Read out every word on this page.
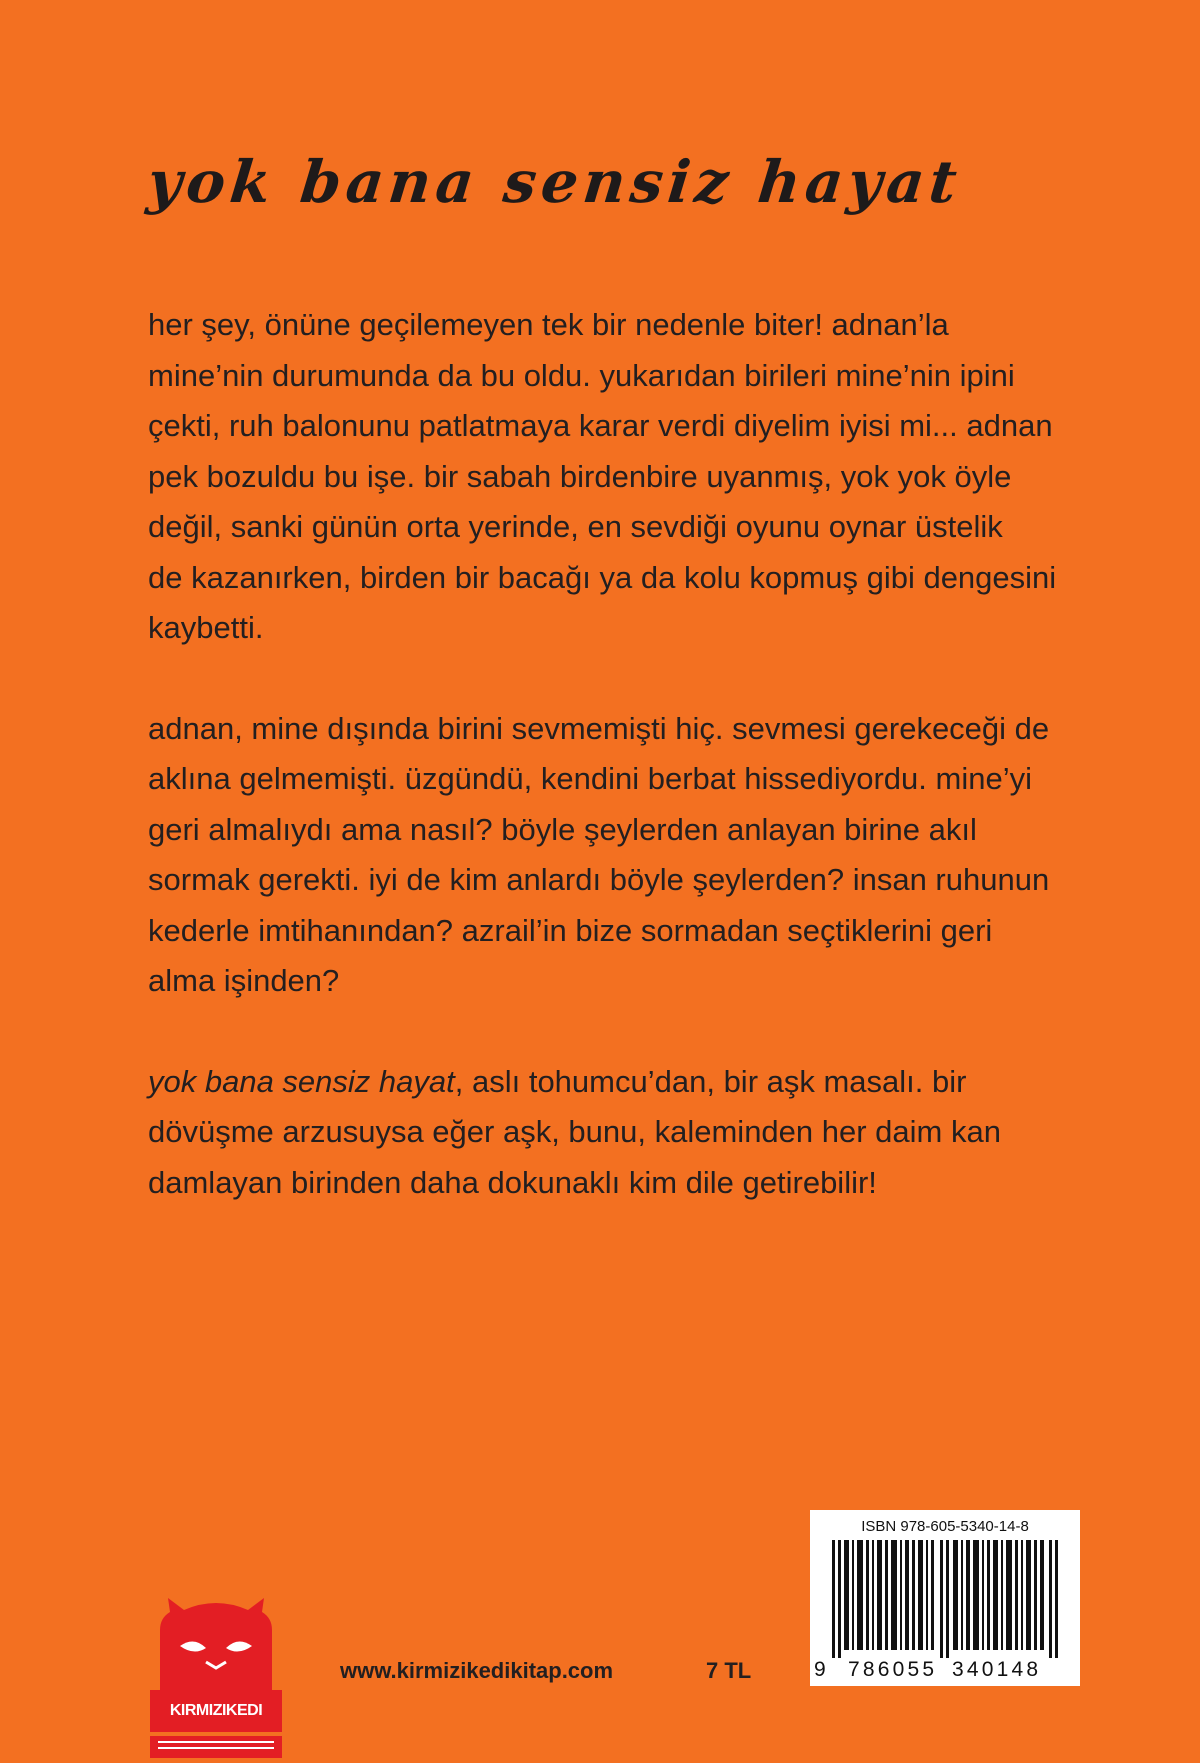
yok bana sensiz hayat

her şey, önüne geçilemeyen tek bir nedenle biter! adnan’la
mine’nin durumunda da bu oldu. yukarıdan birileri mine’nin ipini
çekti, ruh balonunu patlatmaya karar verdi diyelim iyisi mi... adnan
pek bozuldu bu işe. bir sabah birdenbire uyanmış, yok yok öyle
değil, sanki günün orta yerinde, en sevdiği oyunu oynar üstelik
de kazanırken, birden bir bacağı ya da kolu kopmuş gibi dengesini
kaybetti.

adnan, mine dışında birini sevmemişti hiç. sevmesi gerekeceği de
aklına gelmemişti. üzgündü, kendini berbat hissediyordu. mine’yi
geri almalıydı ama nasıl? böyle şeylerden anlayan birine akıl
sormak gerekti. iyi de kim anlardı böyle şeylerden? insan ruhunun
kederle imtihanından? azrail’in bize sormadan seçtiklerini geri
alma işinden?

yok bana sensiz hayat, aslı tohumcu’dan, bir aşk masalı. bir
dövüşme arzusuysa eğer aşk, bunu, kaleminden her daim kan
damlayan birinden daha dokunaklı kim dile getirebilir!

KIRMIZIKEDI
www.kirmizikedikitap.com	7 TL
ISBN 978-605-5340-14-8
9 786055 340148
